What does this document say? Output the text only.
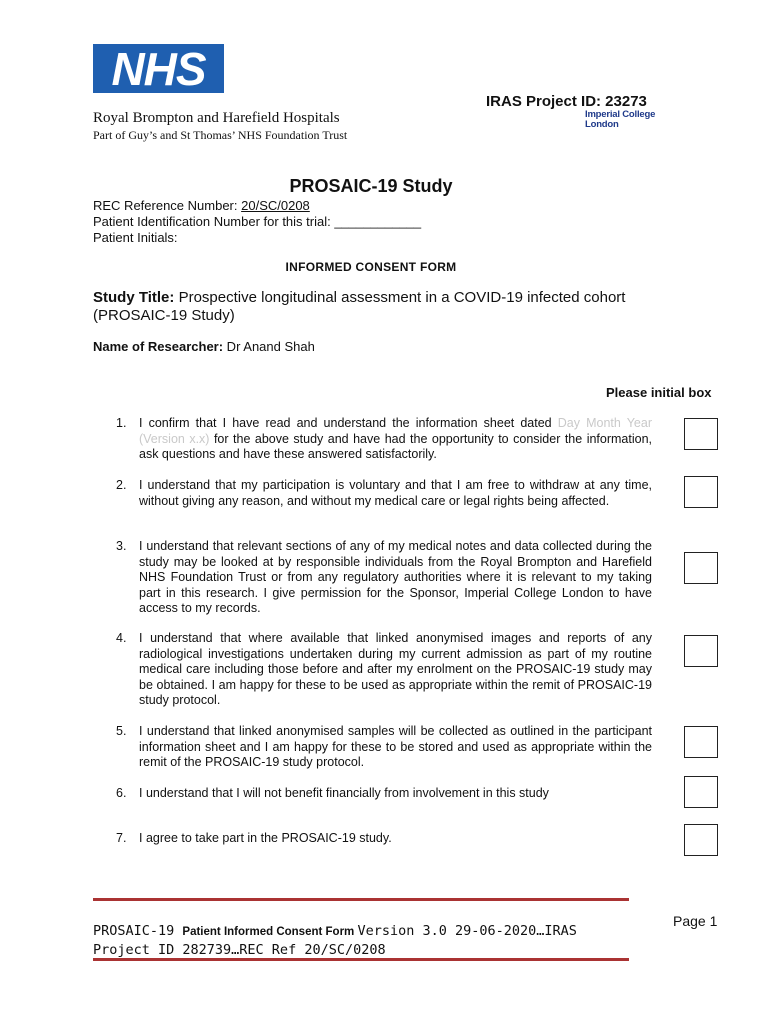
NHS
Royal Brompton and Harefield Hospitals
Part of Guy’s and St Thomas’ NHS Foundation Trust
IRAS Project ID: 23273
Imperial College
London
PROSAIC-19 Study
REC Reference Number: 20/SC/0208
Patient Identification Number for this trial: ____________
Patient Initials:
INFORMED CONSENT FORM
Study Title: Prospective longitudinal assessment in a COVID-19 infected cohort (PROSAIC-19 Study)
Name of Researcher: Dr Anand Shah
Please initial box
1.	I confirm that I have read and understand the information sheet dated Day Month Year (Version x.x) for the above study and have had the opportunity to consider the information, ask questions and have these answered satisfactorily.
2.	I understand that my participation is voluntary and that I am free to withdraw at any time, without giving any reason, and without my medical care or legal rights being affected.
3.	I understand that relevant sections of any of my medical notes and data collected during the study may be looked at by responsible individuals from the Royal Brompton and Harefield NHS Foundation Trust or from any regulatory authorities where it is relevant to my taking part in this research. I give permission for the Sponsor, Imperial College London to have access to my records.
4.	I understand that where available that linked anonymised images and reports of any radiological investigations undertaken during my current admission as part of my routine medical care including those before and after my enrolment on the PROSAIC-19 study may be obtained. I am happy for these to be used as appropriate within the remit of PROSAIC-19 study protocol.
5.	I understand that linked anonymised samples will be collected as outlined in the participant information sheet and I am happy for these to be stored and used as appropriate within the remit of the PROSAIC-19 study protocol.
6.	I understand that I will not benefit financially from involvement in this study
7.	I agree to take part in the PROSAIC-19 study.
PROSAIC-19 Patient Informed Consent Form Version 3.0 29-06-2020…IRAS Project ID 282739…REC Ref 20/SC/0208
Page 1
